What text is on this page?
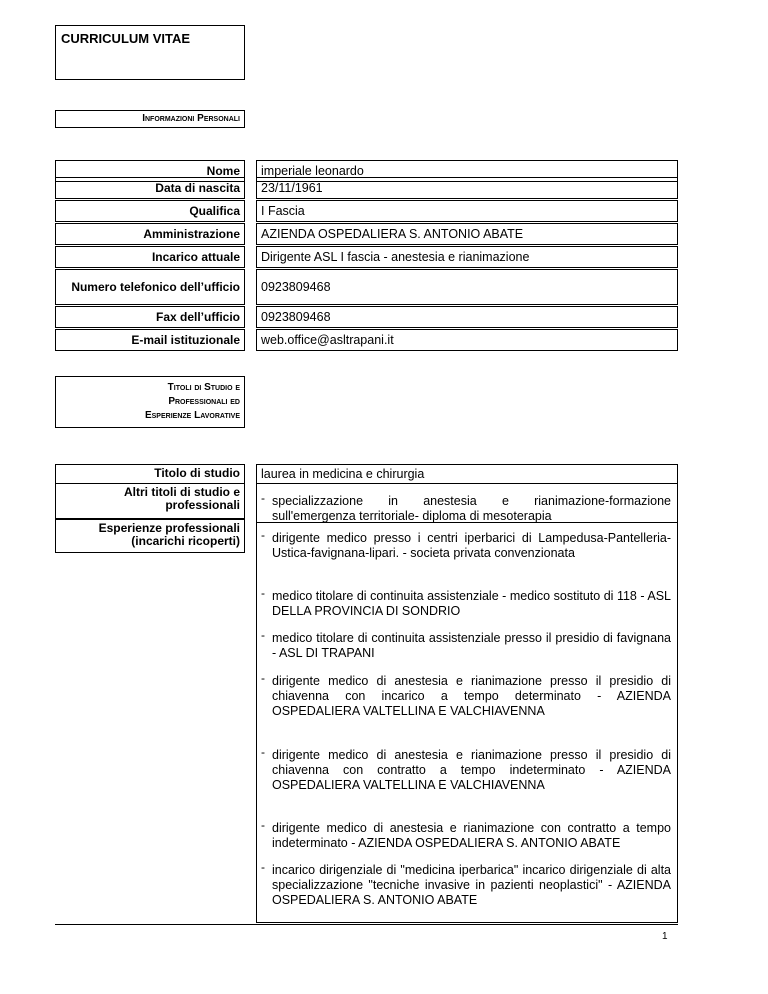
CURRICULUM VITAE
Informazioni Personali
Nome	imperiale leonardo
Data di nascita	23/11/1961
Qualifica	I Fascia
Amministrazione	AZIENDA OSPEDALIERA S. ANTONIO ABATE
Incarico attuale	Dirigente ASL I fascia - anestesia e rianimazione
Numero telefonico dell’ufficio	0923809468
Fax dell’ufficio	0923809468
E-mail istituzionale	web.office@asltrapani.it
Titoli di Studio e
Professionali ed
Esperienze Lavorative
Titolo di studio	laurea in medicina e chirurgia
Altri titoli di studio e professionali	- specializzazione in anestesia e rianimazione-formazione sull'emergenza territoriale- diploma di mesoterapia
Esperienze professionali (incarichi ricoperti)	- dirigente medico presso i centri iperbarici di Lampedusa-Pantelleria-Ustica-favignana-lipari. - societa privata convenzionata
- medico titolare di continuita assistenziale - medico sostituto di 118 - ASL DELLA PROVINCIA DI SONDRIO
- medico titolare di continuita assistenziale presso il presidio di favignana - ASL DI TRAPANI
- dirigente medico di anestesia e rianimazione presso il presidio di chiavenna con incarico a tempo determinato - AZIENDA OSPEDALIERA VALTELLINA E VALCHIAVENNA
- dirigente medico di anestesia e rianimazione presso il presidio di chiavenna con contratto a tempo indeterminato - AZIENDA OSPEDALIERA VALTELLINA E VALCHIAVENNA
- dirigente medico di anestesia e rianimazione con contratto a tempo indeterminato - AZIENDA OSPEDALIERA S. ANTONIO ABATE
- incarico dirigenziale di "medicina iperbarica" incarico dirigenziale di alta specializzazione "tecniche invasive in pazienti neoplastici" - AZIENDA OSPEDALIERA S. ANTONIO ABATE
1
